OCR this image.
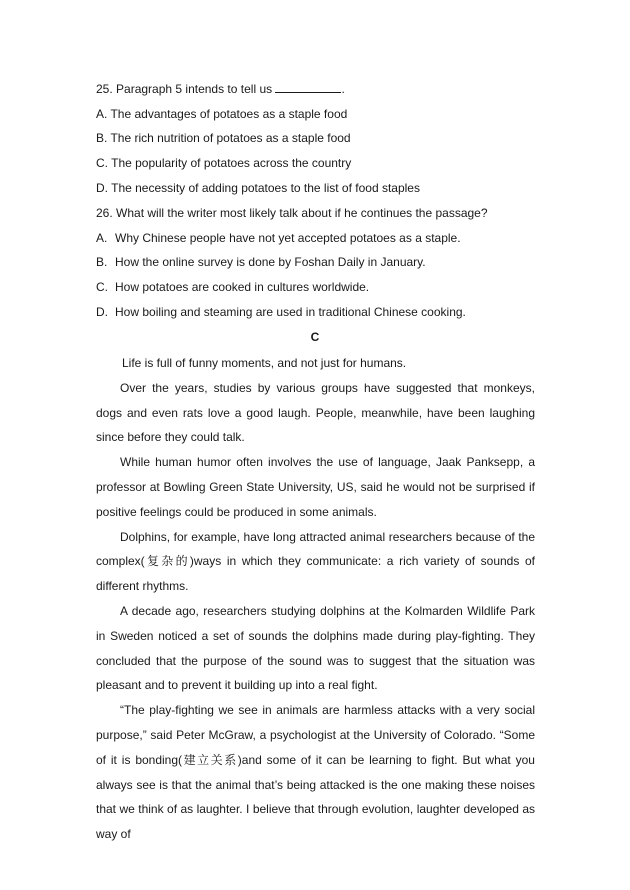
25. Paragraph 5 intends to tell us	.
A. The advantages of potatoes as a staple food
B. The rich nutrition of potatoes as a staple food
C. The popularity of potatoes across the country
D. The necessity of adding potatoes to the list of food staples
26. What will the writer most likely talk about if he continues the passage?
A. Why Chinese people have not yet accepted potatoes as a staple.
B. How the online survey is done by Foshan Daily in January.
C. How potatoes are cooked in cultures worldwide.
D. How boiling and steaming are used in traditional Chinese cooking.
C

Life is full of funny moments, and not just for humans.

Over the years, studies by various groups have suggested that monkeys, dogs and even rats love a good laugh. People, meanwhile, have been laughing since before they could talk.

While human humor often involves the use of language, Jaak Panksepp, a professor at Bowling Green State University, US, said he would not be surprised if positive feelings could be produced in some animals.

Dolphins, for example, have long attracted animal researchers because of the complex(复杂的)ways in which they communicate: a rich variety of sounds of different rhythms.

A decade ago, researchers studying dolphins at the Kolmarden Wildlife Park in Sweden noticed a set of sounds the dolphins made during play-fighting. They concluded that the purpose of the sound was to suggest that the situation was pleasant and to prevent it building up into a real fight.

“The play-fighting we see in animals are harmless attacks with a very social purpose,” said Peter McGraw, a psychologist at the University of Colorado. “Some of it is bonding(建立关系)and some of it can be learning to fight. But what you always see is that the animal that’s being attacked is the one making these noises that we think of as laughter. I believe that through evolution, laughter developed as way of
